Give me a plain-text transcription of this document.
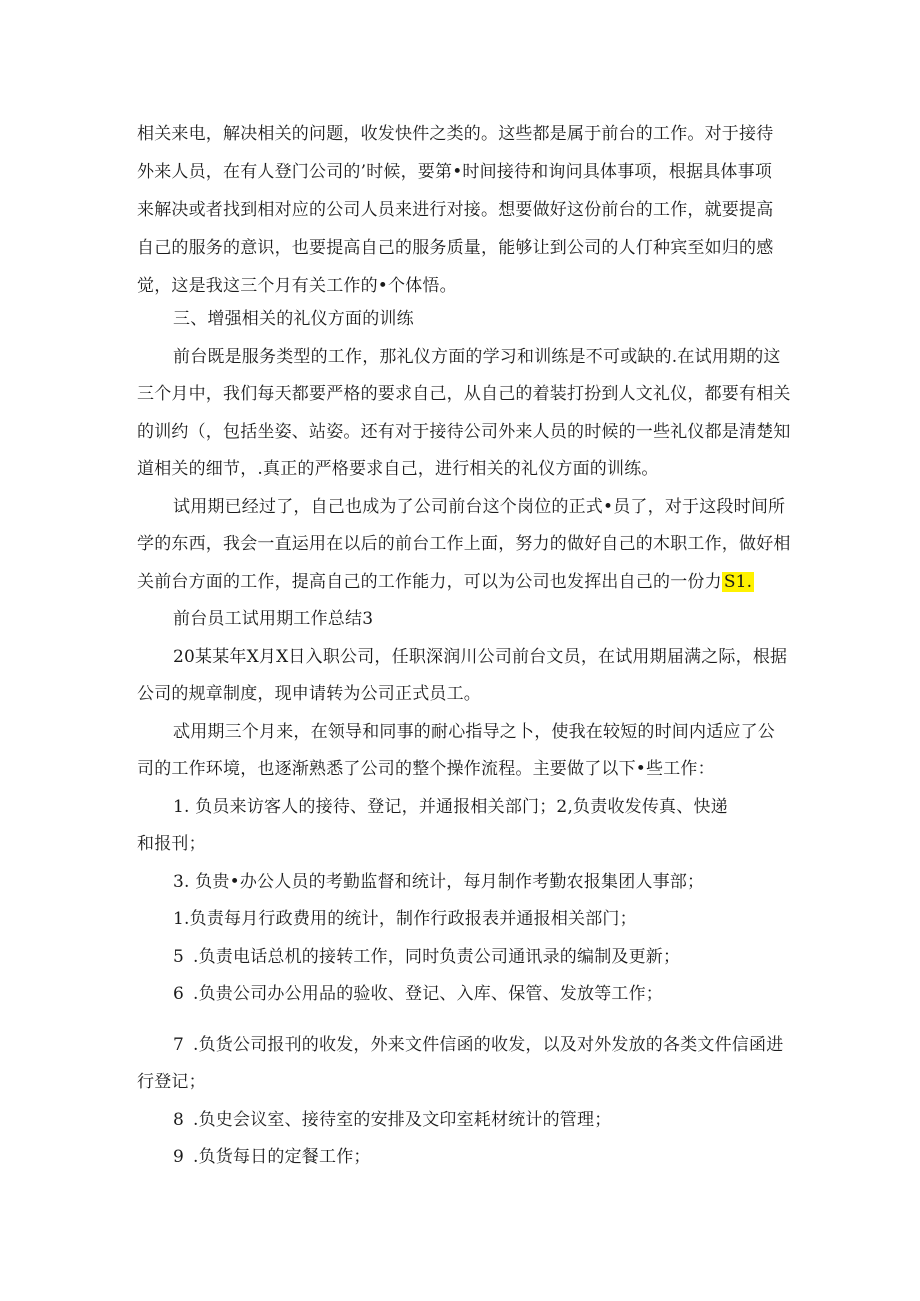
相关来电，解决相关的问题，收发快件之类的。这些都是属于前台的工作。对于接待
外来人员，在有人登门公司的’时候，要第•时间接待和询问具体事项，根据具体事项
来解决或者找到相对应的公司人员来进行对接。想要做好这份前台的工作，就要提高
自己的服务的意识，也要提高自己的服务质量，能够让到公司的人仃种宾至如归的感
觉，这是我这三个月有关工作的•个体悟。
三、增强相关的礼仪方面的训练
前台既是服务类型的工作，那礼仪方面的学习和训练是不可或缺的.在试用期的这
三个月中，我们每天都要严格的要求自己，从自己的着装打扮到人文礼仪，都要有相关
的训约（，包括坐姿、站姿。还有对于接待公司外来人员的时候的一些礼仪都是清楚知
道相关的细节，.真正的严格要求自己，进行相关的礼仪方面的训练。
试用期已经过了，自己也成为了公司前台这个岗位的正式•员了，对于这段时间所
学的东西，我会一直运用在以后的前台工作上面，努力的做好自己的木职工作，做好相
关前台方面的工作，提高自己的工作能力，可以为公司也发挥出自己的一份力 S1.
前台员工试用期工作总结3
20某某年X月X日入职公司，任职深润川公司前台文员，在试用期届满之际，根据
公司的规章制度，现申请转为公司正式员工。
忒用期三个月来，在领导和同事的耐心指导之卜，使我在较短的时间内适应了公
司的工作环境，也逐渐熟悉了公司的整个操作流程。主要做了以下•些工作：
1. 负员来访客人的接待、登记，并通报相关部门；2,负责收发传真、快递
和报刊；
3. 负贵•办公人员的考勤监督和统计，每月制作考勤农报集团人事部；
1.负责每月行政费用的统计，制作行政报表并通报相关部门；
5 .负责电话总机的接转工作，同时负责公司通讯录的编制及更新；
6 .负贵公司办公用品的验收、登记、入库、保管、发放等工作；
7 .负货公司报刊的收发，外来文件信函的收发，以及对外发放的各类文件信函进
行登记；
8 .负史会议室、接待室的安排及文印室耗材统计的管理；
9 .负货每日的定餐工作；
